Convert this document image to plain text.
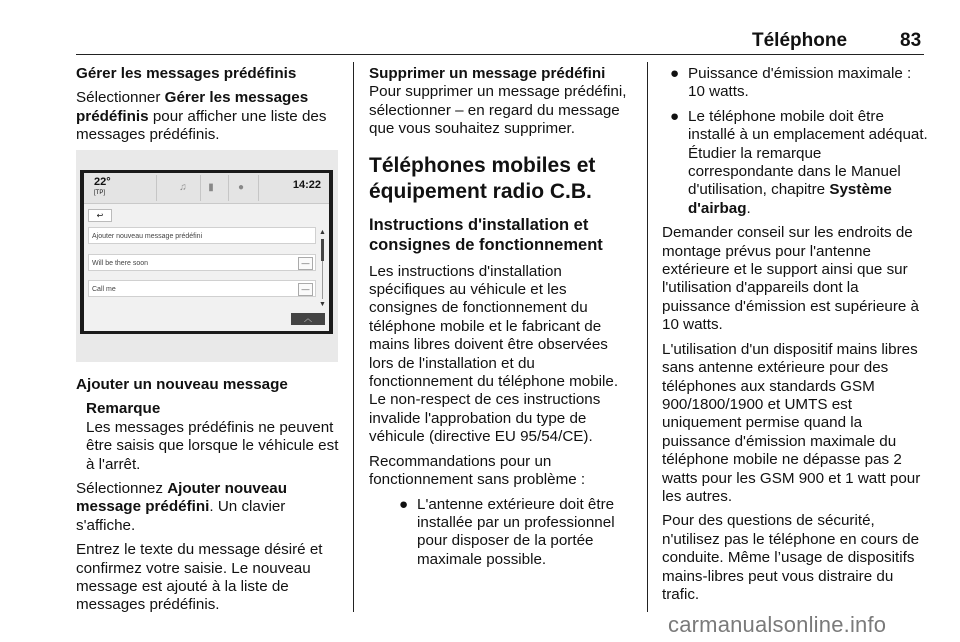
Téléphone	83

Gérer les messages prédéfinis

Sélectionner Gérer les messages prédéfinis pour afficher une liste des messages prédéfinis.

22°
[TP]	♫	▮	●	14:22
↩
Ajouter nouveau message prédéfini
Will be there soon	—
Call me	—
▲
▼
︿

Ajouter un nouveau message

Remarque

Les messages prédéfinis ne peuvent être saisis que lorsque le véhicule est à l'arrêt.

Sélectionnez Ajouter nouveau message prédéfini. Un clavier s'affiche.

Entrez le texte du message désiré et confirmez votre saisie. Le nouveau message est ajouté à la liste de messages prédéfinis.

Supprimer un message prédéfini

Pour supprimer un message prédéfini, sélectionner – en regard du message que vous souhaitez supprimer.

Téléphones mobiles et équipement radio C.B.
Instructions d'installation et consignes de fonctionnement

Les instructions d'installation spécifiques au véhicule et les consignes de fonctionnement du téléphone mobile et le fabricant de mains libres doivent être observées lors de l'installation et du fonctionnement du téléphone mobile. Le non-respect de ces instructions invalide l'approbation du type de véhicule (directive EU 95/54/CE).

Recommandations pour un fonctionnement sans problème :

● L'antenne extérieure doit être installée par un professionnel pour disposer de la portée maximale possible.
● Puissance d'émission maximale : 10 watts.
● Le téléphone mobile doit être installé à un emplacement adéquat. Étudier la remarque correspondante dans le Manuel d'utilisation, chapitre Système d'airbag.

Demander conseil sur les endroits de montage prévus pour l'antenne extérieure et le support ainsi que sur l'utilisation d'appareils dont la puissance d'émission est supérieure à 10 watts.

L'utilisation d'un dispositif mains libres sans antenne extérieure pour des téléphones aux standards GSM 900/1800/1900 et UMTS est uniquement permise quand la puissance d'émission maximale du téléphone mobile ne dépasse pas 2 watts pour les GSM 900 et 1 watt pour les autres.

Pour des questions de sécurité, n'utilisez pas le téléphone en cours de conduite. Même l’usage de dispositifs mains-libres peut vous distraire du trafic.

carmanualsonline.info
